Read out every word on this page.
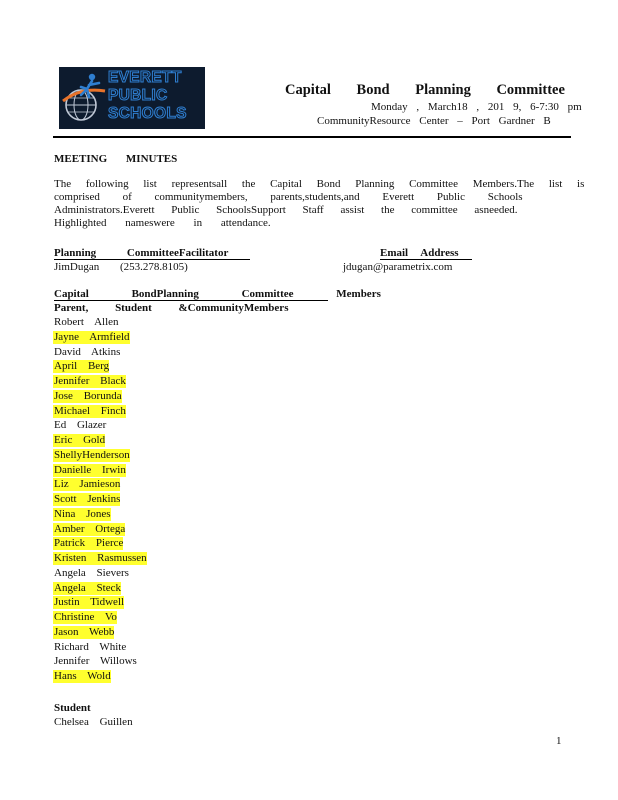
EVERETT
PUBLIC
SCHOOLS
Capital Bond Planning Committee
Monday , March18 , 201 9, 6-7:30 pm
CommunityResource Center – Port Gardner B
MEETING MINUTES
The following list representsall the Capital Bond Planning Committee Members.The list is
comprised of communitymembers, parents,students,and Everett Public Schools
Administrators.Everett Public SchoolsSupport Staff assist the committee asneeded.
Highlighted nameswere in attendance.
Planning CommitteeFacilitator	Email Address
JimDugan (253.278.8105)	jdugan@parametrix.com
Capital BondPlanning Committee Members
Parent, Student &CommunityMembers
Robert Allen
Jayne Armfield
David Atkins
April Berg
Jennifer Black
Jose Borunda
Michael Finch
Ed Glazer
Eric Gold
ShellyHenderson
Danielle Irwin
Liz Jamieson
Scott Jenkins
Nina Jones
Amber Ortega
Patrick Pierce
Kristen Rasmussen
Angela Sievers
Angela Steck
Justin Tidwell
Christine Vo
Jason Webb
Richard White
Jennifer Willows
Hans Wold
Student
Chelsea Guillen
1
